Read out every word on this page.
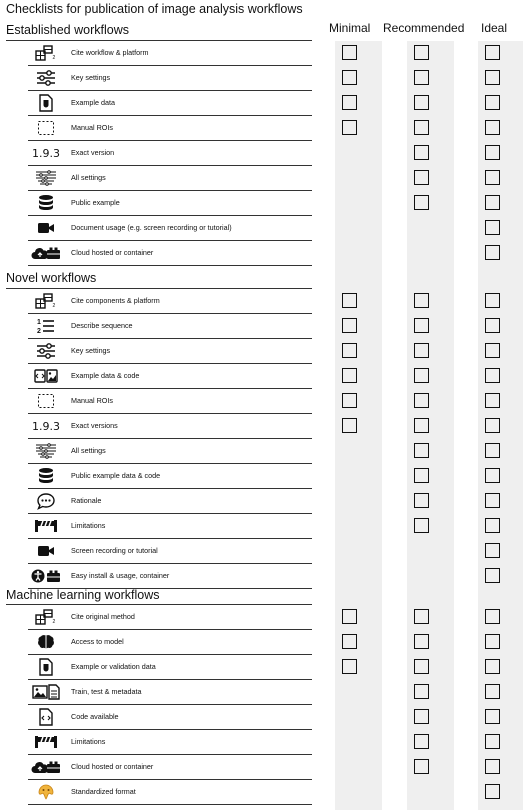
Checklists for publication of image analysis workflows
Minimal Recommended Ideal
Established workflows
2
Cite workflow & platform
Key settings
Example data
Manual ROIs
1.9.3 Exact version
All settings
Public example
Document usage (e.g. screen recording or tutorial)
Cloud hosted or container
Novel workflows
2
Cite components & platform
1
2
Describe sequence
Key settings
Example data & code
Manual ROIs
1.9.3 Exact versions
All settings
Public example data & code
Rationale
Limitations
Screen recording or tutorial
Easy install & usage, container
Machine learning workflows
2
Cite original method
Access to model
Example or validation data
Train, test & metadata
Code available
Limitations
Cloud hosted or container
Standardized format
